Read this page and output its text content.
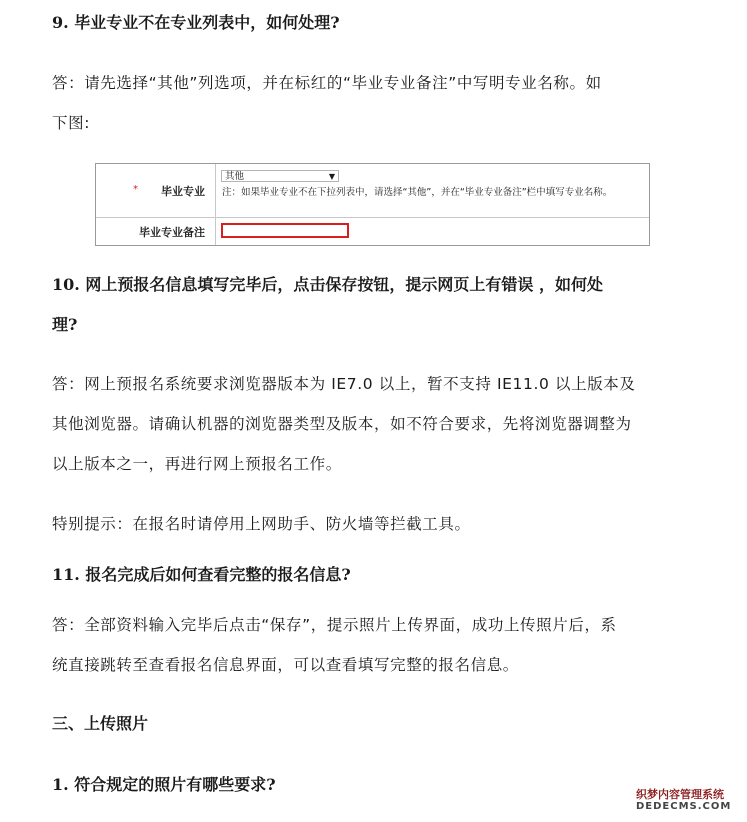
9. 毕业专业不在专业列表中，如何处理?
答：请先选择“其他”列选项，并在标红的“毕业专业备注”中写明专业名称。如
下图:
* 毕业专业
其他	▼
注：如果毕业专业不在下拉列表中，请选择“其他”，并在“毕业专业备注”栏中填写专业名称。
毕业专业备注
10. 网上预报名信息填写完毕后，点击保存按钮，提示网页上有错误 ，如何处
理?
答：网上预报名系统要求浏览器版本为 IE7.0 以上，暂不支持 IE11.0 以上版本及
其他浏览器。请确认机器的浏览器类型及版本，如不符合要求，先将浏览器调整为
以上版本之一，再进行网上预报名工作。
特别提示：在报名时请停用上网助手、防火墙等拦截工具。
11. 报名完成后如何查看完整的报名信息?
答：全部资料输入完毕后点击“保存”，提示照片上传界面，成功上传照片后，系
统直接跳转至查看报名信息界面，可以查看填写完整的报名信息。
三、上传照片
1. 符合规定的照片有哪些要求?
织梦内容管理系统
DEDECMS.COM
